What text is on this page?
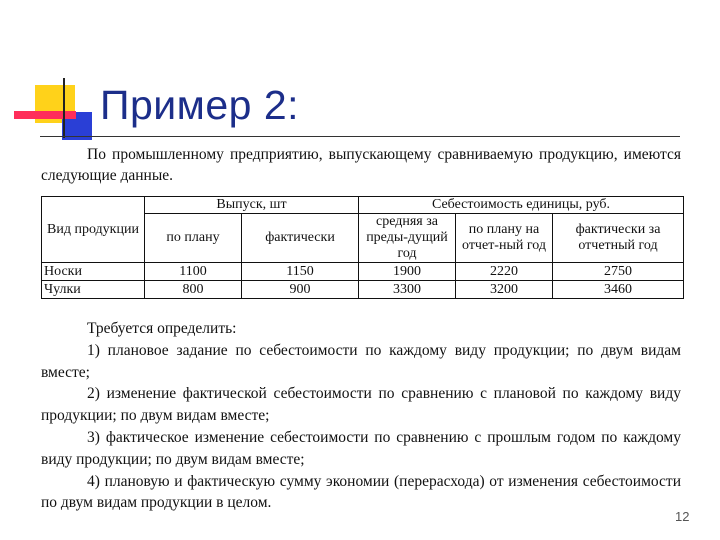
Пример 2:
По промышленному предприятию, выпускающему сравниваемую продукцию, имеются следующие данные.
Вид продукции	Выпуск, шт		Себестоимость единицы, руб.		
	по плану	фактически	средняя за преды-дущий год	по плану на отчет-ный год	фактически за отчетный год
Носки	1100	1150	1900	2220	2750
Чулки	800	900	3300	3200	3460

Требуется определить:

1) плановое задание по себестоимости по каждому виду продукции; по двум видам вместе;

2) изменение фактической себестоимости по сравнению с плановой по каждому виду продукции; по двум видам вместе;

3) фактическое изменение себестоимости по сравнению с прошлым годом по каждому виду продукции; по двум видам вместе;

4) плановую и фактическую сумму экономии (перерасхода) от изменения себестоимости по двум видам продукции в целом.

12
